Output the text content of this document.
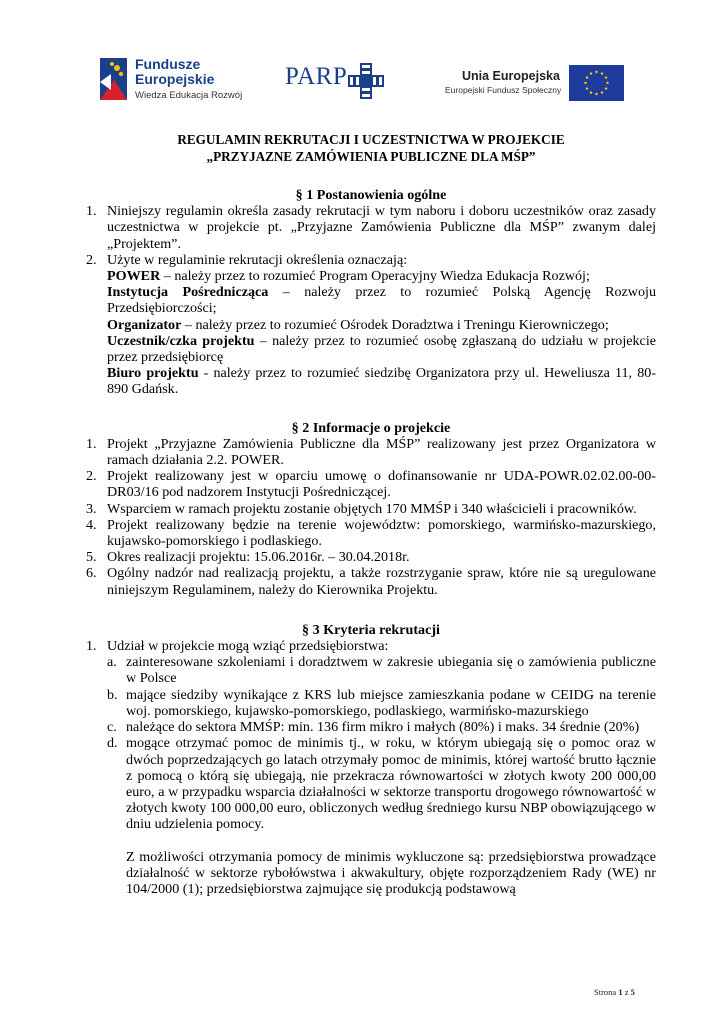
Fundusze
Europejskie
Wiedza Edukacja Rozwój
PARP	Unia Europejska
Europejski Fundusz Społeczny

REGULAMIN REKRUTACJI I UCZESTNICTWA W PROJEKCIE

„PRZYJAZNE ZAMÓWIENIA PUBLICZNE DLA MŚP”

§ 1 Postanowienia ogólne

1. Niniejszy regulamin określa zasady rekrutacji w tym naboru i doboru uczestników oraz zasady uczestnictwa w projekcie pt. „Przyjazne Zamówienia Publiczne dla MŚP” zwanym dalej „Projektem”.
2. Użyte w regulaminie rekrutacji określenia oznaczają:

POWER – należy przez to rozumieć Program Operacyjny Wiedza Edukacja Rozwój;

Instytucja Pośrednicząca – należy przez to rozumieć Polską Agencję Rozwoju Przedsiębiorczości;

Organizator – należy przez to rozumieć Ośrodek Doradztwa i Treningu Kierowniczego;

Uczestnik/czka projektu – należy przez to rozumieć osobę zgłaszaną do udziału w projekcie przez przedsiębiorcę

Biuro projektu - należy przez to rozumieć siedzibę Organizatora przy ul. Heweliusza 11, 80-890 Gdańsk.

§ 2 Informacje o projekcie

1. Projekt „Przyjazne Zamówienia Publiczne dla MŚP” realizowany jest przez Organizatora w ramach działania 2.2. POWER.
2. Projekt realizowany jest w oparciu umowę o dofinansowanie nr UDA-POWR.02.02.00-00-DR03/16 pod nadzorem Instytucji Pośredniczącej.
3. Wsparciem w ramach projektu zostanie objętych 170 MMŚP i 340 właścicieli i pracowników.
4. Projekt realizowany będzie na terenie województw: pomorskiego, warmińsko-mazurskiego, kujawsko-pomorskiego i podlaskiego.
5. Okres realizacji projektu: 15.06.2016r. – 30.04.2018r.
6. Ogólny nadzór nad realizacją projektu, a także rozstrzyganie spraw, które nie są uregulowane niniejszym Regulaminem, należy do Kierownika Projektu.

§ 3 Kryteria rekrutacji

1. Udział w projekcie mogą wziąć przedsiębiorstwa:

a. zainteresowane szkoleniami i doradztwem w zakresie ubiegania się o zamówienia publiczne w Polsce
b. mające siedziby wynikające z KRS lub miejsce zamieszkania podane w CEIDG na terenie woj. pomorskiego, kujawsko-pomorskiego, podlaskiego, warmińsko-mazurskiego
c. należące do sektora MMŚP: min. 136 firm mikro i małych (80%) i maks. 34 średnie (20%)
d. mogące otrzymać pomoc de minimis tj., w roku, w którym ubiegają się o pomoc oraz w dwóch poprzedzających go latach otrzymały pomoc de minimis, której wartość brutto łącznie z pomocą o którą się ubiegają, nie przekracza równowartości w złotych kwoty 200 000,00 euro, a w przypadku wsparcia działalności w sektorze transportu drogowego równowartość w złotych kwoty 100 000,00 euro, obliczonych według średniego kursu NBP obowiązującego w dniu udzielenia pomocy.

Z możliwości otrzymania pomocy de minimis wykluczone są: przedsiębiorstwa prowadzące działalność w sektorze rybołówstwa i akwakultury, objęte rozporządzeniem Rady (WE) nr 104/2000 (1); przedsiębiorstwa zajmujące się produkcją podstawową

Strona 1 z 5
